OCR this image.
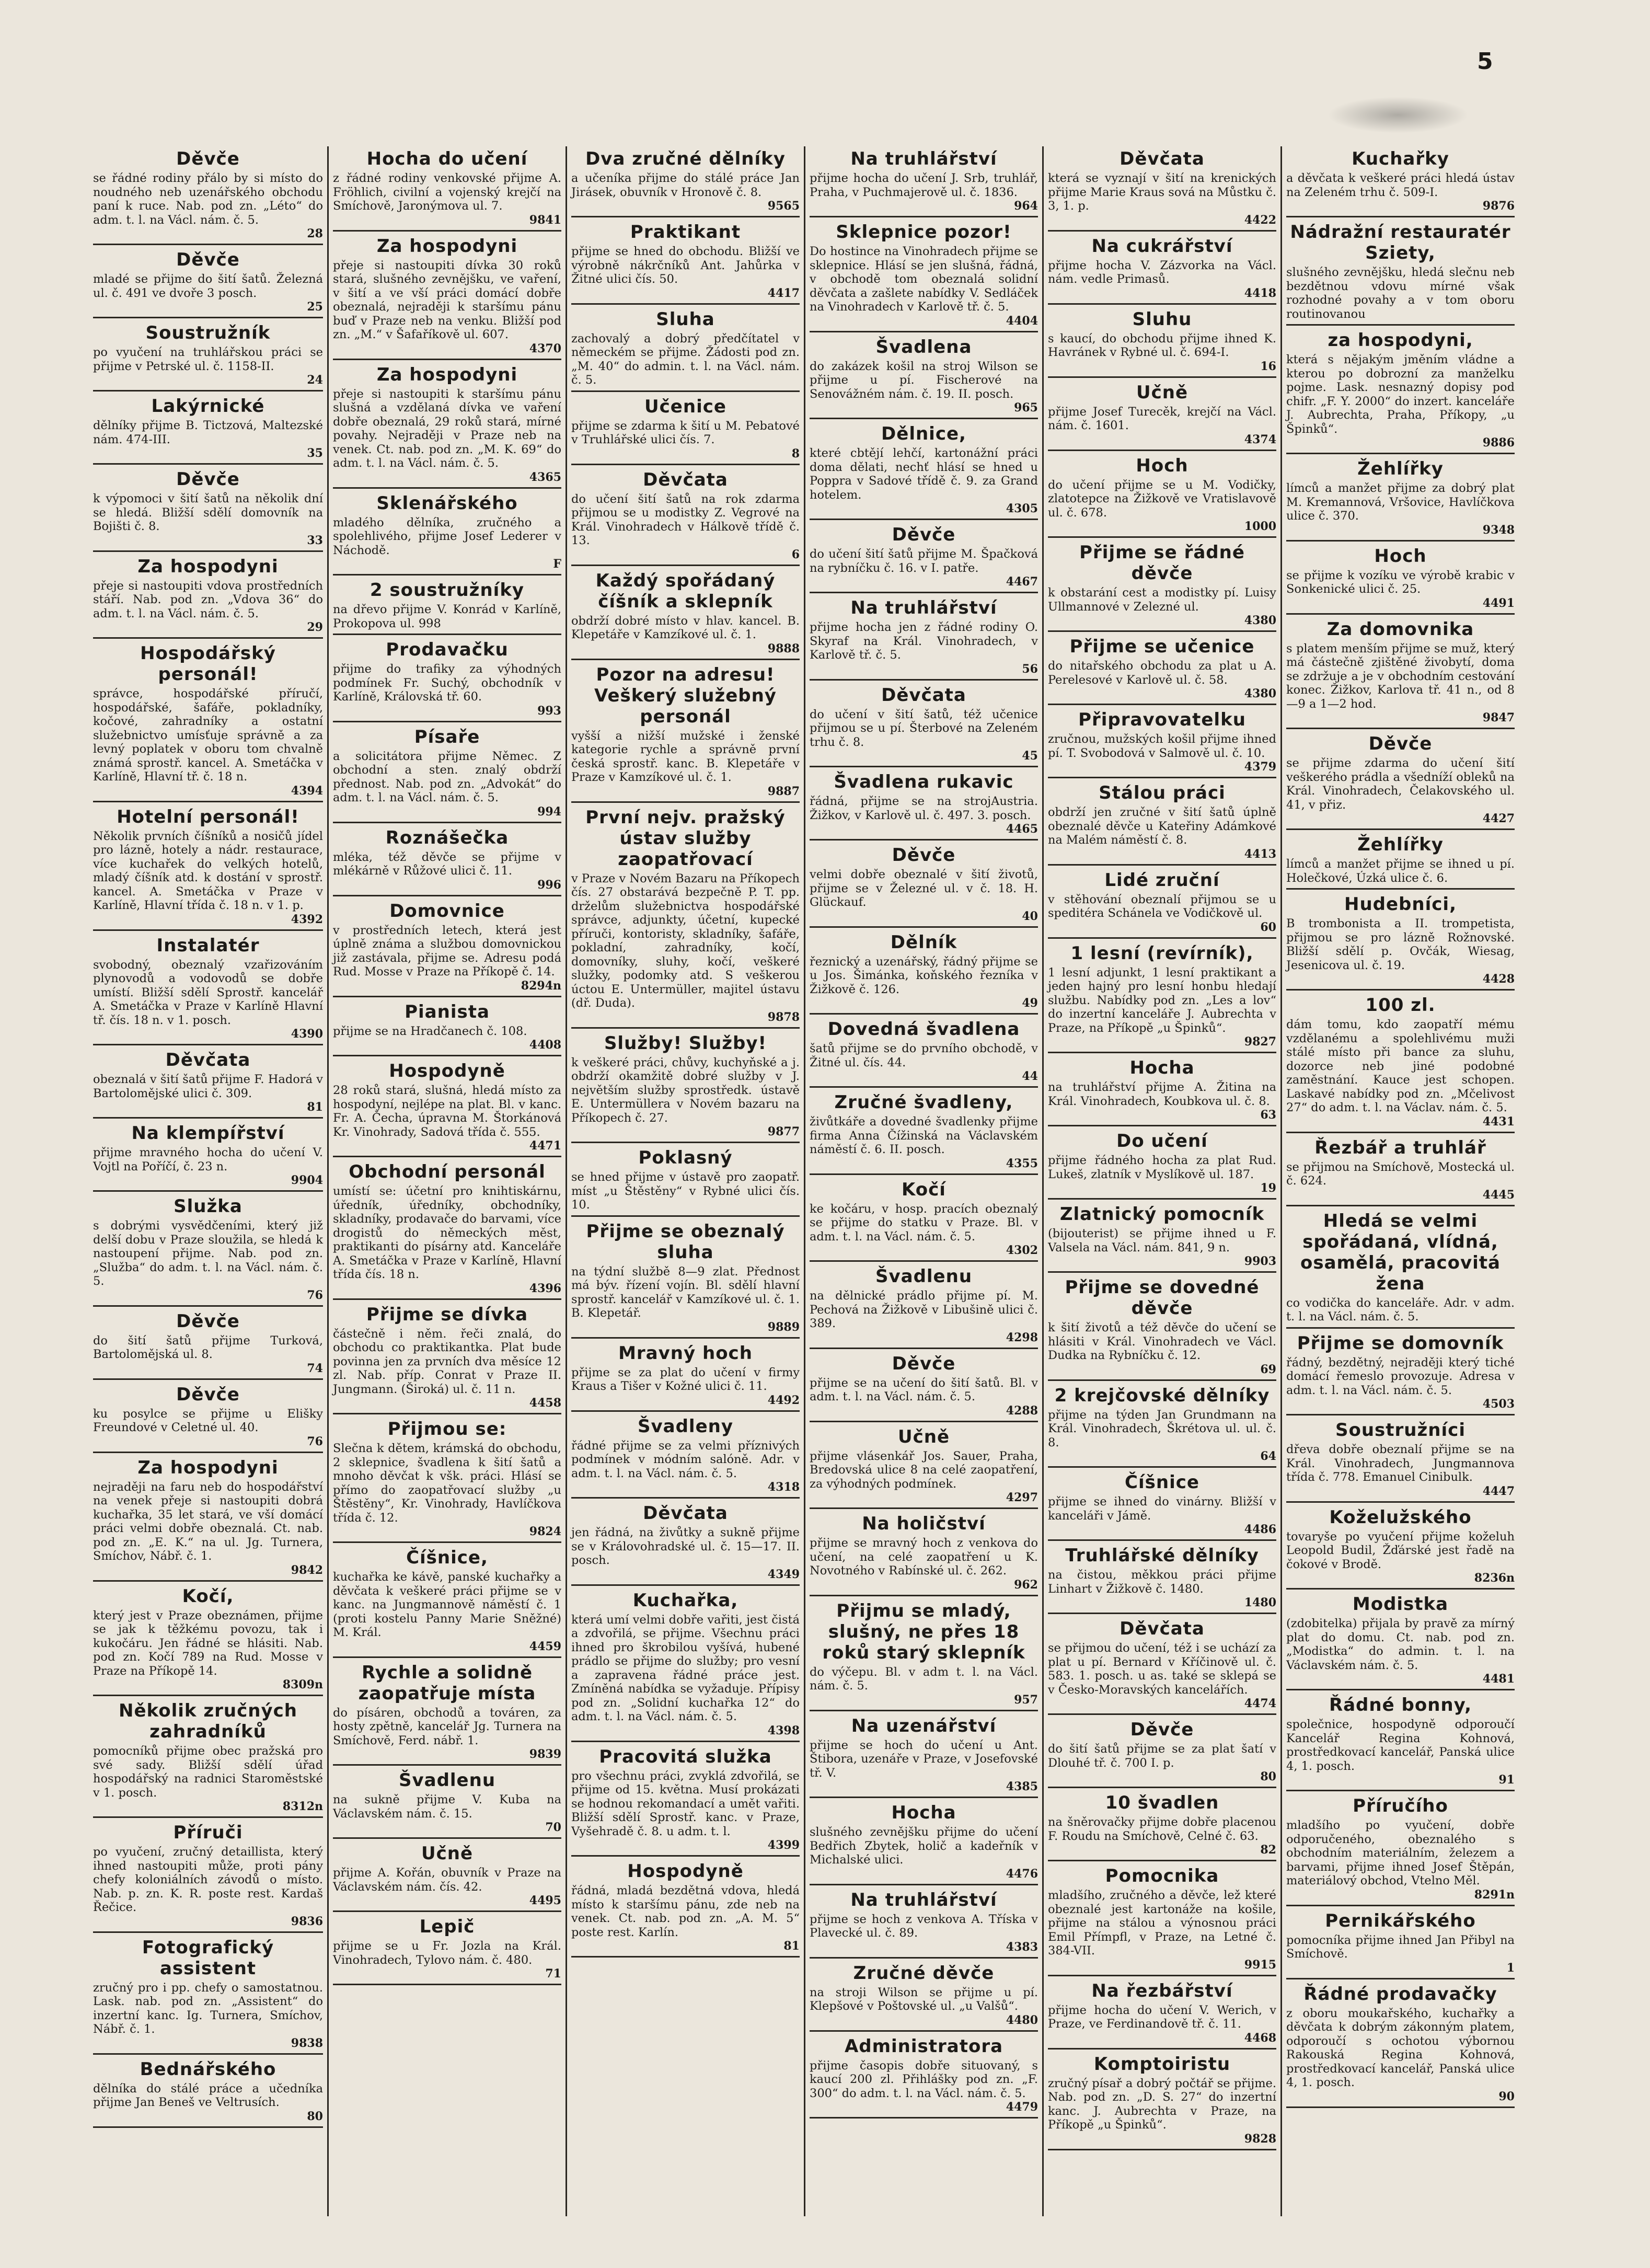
5
Děvče

se řádné rodiny přálo by si místo do noudného neb uzenářského obchodu paní k ruce. Nab. pod zn. „Léto“ do adm. t. l. na Václ. nám. č. 5.

28
Děvče

mladé se přijme do šití šatů. Železná ul. č. 491 ve dvoře 3 posch.

25
Soustružník

po vyučení na truhlářskou práci se přijme v Petrské ul. č. 1158-II.

24
Lakýrnické

dělníky přijme B. Tictzová, Maltezské nám. 474-III.

35
Děvče

k výpomoci v šití šatů na několik dní se hledá. Bližší sdělí domovník na Bojišti č. 8.

33
Za hospodyni

přeje si nastoupiti vdova prostředních stáří. Nab. pod zn. „Vdova 36“ do adm. t. l. na Václ. nám. č. 5.

29
Hospodářský personál!

správce, hospodářské příručí, hospodářské, šafáře, pokladníky, kočové, zahradníky a ostatní služebnictvo umísťuje správně a za levný poplatek v oboru tom chvalně známá sprostř. kancel. A. Smetáčka v Karlíně, Hlavní tř. č. 18 n.

4394
Hotelní personál!

Několik prvních číšníků a nosičů jídel pro lázně, hotely a nádr. restaurace, více kuchařek do velkých hotelů, mladý číšník atd. k dostání v sprostř. kancel. A. Smetáčka v Praze v Karlíně, Hlavní třída č. 18 n. v 1. p.

4392
Instalatér

svobodný, obeznalý vzařizováním plynovodů a vodovodů se dobře umístí. Bližší sdělí Sprostř. kancelář A. Smetáčka v Praze v Karlíně Hlavní tř. čís. 18 n. v 1. posch.

4390
Děvčata

obeznalá v šití šatů přijme F. Hadorá v Bartolomějské ulici č. 309.

81
Na klempířství

přijme mravného hocha do učení V. Vojtl na Poříčí, č. 23 n.

9904
Služka

s dobrými vysvědčeními, který již delší dobu v Praze sloužila, se hledá k nastoupení přijme. Nab. pod zn. „Služba“ do adm. t. l. na Václ. nám. č. 5.

76
Děvče

do šití šatů přijme Turková, Bartolomějská ul. 8.

74
Děvče

ku posylce se přijme u Elišky Freundové v Celetné ul. 40.

76
Za hospodyni

nejraději na faru neb do hospodářství na venek přeje si nastoupiti dobrá kuchařka, 35 let stará, ve vší domácí práci velmi dobře obeznalá. Ct. nab. pod zn. „E. K.“ na ul. Jg. Turnera, Smíchov, Nábř. č. 1.

9842
Kočí,

který jest v Praze obeznámen, přijme se jak k těžkému povozu, tak i kukočáru. Jen řádné se hlásiti. Nab. pod zn. Kočí 789 na Rud. Mosse v Praze na Příkopě 14.

8309n
Několik zručných zahradníků

pomocníků přijme obec pražská pro své sady. Bližší sdělí úřad hospodářský na radnici Staroměstské v 1. posch.

8312n
Příruči

po vyučení, zručný detaillista, který ihned nastoupiti může, proti pány chefy koloniálních závodů o místo. Nab. p. zn. K. R. poste rest. Kardaš Řečice.

9836
Fotografický assistent

zručný pro i pp. chefy o samostatnou. Lask. nab. pod zn. „Assistent“ do inzertní kanc. Ig. Turnera, Smíchov, Nábř. č. 1.

9838
Bednářského

dělníka do stálé práce a učedníka přijme Jan Beneš ve Veltrusích.

80
Hocha do učení

z řádné rodiny venkovské přijme A. Fröhlich, civilní a vojenský krejčí na Smíchově, Jaronýmova ul. 7.

9841
Za hospodyni

přeje si nastoupiti dívka 30 roků stará, slušného zevnějšku, ve vaření, v šití a ve vší práci domácí dobře obeznalá, nejraději k staršímu pánu buď v Praze neb na venku. Bližší pod zn. „M.“ v Šafaříkově ul. 607.

4370
Za hospodyni

přeje si nastoupiti k staršímu pánu slušná a vzdělaná dívka ve vaření dobře obeznalá, 29 roků stará, mírné povahy. Nejraději v Praze neb na venek. Ct. nab. pod zn. „M. K. 69“ do adm. t. l. na Václ. nám. č. 5.

4365
Sklenářského

mladého dělníka, zručného a spolehlivého, přijme Josef Lederer v Náchodě.

F
2 soustružníky

na dřevo přijme V. Konrád v Karlíně, Prokopova ul. 998

Prodavačku

přijme do trafiky za výhodných podmínek Fr. Suchý, obchodník v Karlíně, Královská tř. 60.

993
Písaře

a solicitátora přijme Němec. Z obchodní a sten. znalý obdrží přednost. Nab. pod zn. „Advokát“ do adm. t. l. na Václ. nám. č. 5.

994
Roznášečka

mléka, též děvče se přijme v mlékárně v Růžové ulici č. 11.

996
Domovnice

v prostředních letech, která jest úplně známa a službou domovnickou již zastávala, přijme se. Adresu podá Rud. Mosse v Praze na Příkopě č. 14.

8294n
Pianista

přijme se na Hradčanech č. 108.

4408
Hospodyně

28 roků stará, slušná, hledá místo za hospodyní, nejlépe na plat. Bl. v kanc. Fr. A. Čecha, úpravna M. Štorkánová Kr. Vinohrady, Sadová třída č. 555.

4471
Obchodní personál

umístí se: účetní pro knihtiskárnu, úředník, úředníky, obchodníky, skladníky, prodavače do barvami, více drogistů do německých měst, praktikanti do písárny atd. Kanceláře A. Smetáčka v Praze v Karlíně, Hlavní třída čís. 18 n.

4396
Přijme se dívka

částečně i něm. řeči znalá, do obchodu co praktikantka. Plat bude povinna jen za prvních dva měsíce 12 zl. Nab. příp. Conrat v Praze II. Jungmann. (Široká) ul. č. 11 n.

4458
Přijmou se:

Slečna k dětem, krámská do obchodu, 2 sklepnice, švadlena k šití šatů a mnoho děvčat k všk. práci. Hlásí se přímo do zaopatřovací služby „u Štěstěny“, Kr. Vinohrady, Havlíčkova třída č. 12.

9824
Číšnice,

kuchařka ke kávě, panské kuchařky a děvčata k veškeré práci přijme se v kanc. na Jungmannově náměstí č. 1 (proti kostelu Panny Marie Sněžné) M. Král.

4459
Rychle a solidně zaopatřuje místa

do písáren, obchodů a továren, za hosty zpětně, kancelář Jg. Turnera na Smíchově, Ferd. nábř. 1.

9839
Švadlenu

na sukně přijme V. Kuba na Václavském nám. č. 15.

70
Učně

přijme A. Kořán, obuvník v Praze na Václavském nám. čís. 42.

4495
Lepič

přijme se u Fr. Jozla na Král. Vinohradech, Tylovo nám. č. 480.

71
Dva zručné dělníky

a učeníka přijme do stálé práce Jan Jirásek, obuvník v Hronově č. 8.

9565
Praktikant

přijme se hned do obchodu. Bližší ve výrobně nákrčníků Ant. Jahůrka v Žitné ulici čís. 50.

4417
Sluha

zachovalý a dobrý předčítatel v německém se přijme. Žádosti pod zn. „M. 40“ do admin. t. l. na Václ. nám. č. 5.

Učenice

přijme se zdarma k šití u M. Pebatové v Truhlářské ulici čís. 7.

8
Děvčata

do učení šití šatů na rok zdarma přijmou se u modistky Z. Vegrové na Král. Vinohradech v Hálkově třídě č. 13.

6
Každý spořádaný číšník a sklepník

obdrží dobré místo v hlav. kancel. B. Klepetáře v Kamzíkové ul. č. 1.

9888
Pozor na adresu! Veškerý služebný personál

vyšší a nižší mužské i ženské kategorie rychle a správně první česká sprostř. kanc. B. Klepetáře v Praze v Kamzíkové ul. č. 1.

9887
První nejv. pražský ústav služby zaopatřovací

v Praze v Novém Bazaru na Příkopech čís. 27 obstarává bezpečně P. T. pp. drželům služebnictva hospodářské správce, adjunkty, účetní, kupecké příruči, kontoristy, skladníky, šafáře, pokladní, zahradníky, kočí, domovníky, sluhy, kočí, veškeré služky, podomky atd. S veškerou úctou E. Untermüller, majitel ústavu (dř. Duda).

9878
Služby! Služby!

k veškeré práci, chůvy, kuchyňské a j. obdrží okamžitě dobré služby v J. největším služby sprostředk. ústavě E. Untermüllera v Novém bazaru na Příkopech č. 27.

9877
Poklasný

se hned přijme v ústavě pro zaopatř. míst „u Štěstěny“ v Rybné ulici čís. 10.

Přijme se obeznalý sluha

na týdní službě 8—9 zlat. Přednost má býv. řízení vojín. Bl. sdělí hlavní sprostř. kancelář v Kamzíkové ul. č. 1. B. Klepetář.

9889
Mravný hoch

přijme se za plat do učení v firmy Kraus a Tišer v Kožné ulici č. 11.

4492
Švadleny

řádné přijme se za velmi příznivých podmínek v módním salóně. Adr. v adm. t. l. na Václ. nám. č. 5.

4318
Děvčata

jen řádná, na živůtky a sukně přijme se v Královohradské ul. č. 15—17. II. posch.

4349
Kuchařka,

která umí velmi dobře vařiti, jest čistá a zdvořilá, se přijme. Všechnu práci ihned pro škrobilou vyšívá, hubené prádlo se přijme do služby; pro vesní a zapravena řádné práce jest. Zmíněná nabídka se vyžaduje. Přípisy pod zn. „Solidní kuchařka 12“ do adm. t. l. na Václ. nám. č. 5.

4398
Pracovitá služka

pro všechnu práci, zvyklá zdvořilá, se přijme od 15. května. Musí prokázati se hodnou rekomandací a umět vařiti. Bližší sdělí Sprostř. kanc. v Praze, Vyšehradě č. 8. u adm. t. l.

4399
Hospodyně

řádná, mladá bezdětná vdova, hledá místo k staršímu pánu, zde neb na venek. Ct. nab. pod zn. „A. M. 5“ poste rest. Karlín.

81
Na truhlářství

přijme hocha do učení J. Srb, truhlář, Praha, v Puchmajerově ul. č. 1836.

964
Sklepnice pozor!

Do hostince na Vinohradech přijme se sklepnice. Hlásí se jen slušná, řádná, v obchodě tom obeznalá solidní děvčata a zašlete nabídky V. Sedláček na Vinohradech v Karlově tř. č. 5.

4404
Švadlena

do zakázek košil na stroj Wilson se přijme u pí. Fischerové na Senovážném nám. č. 19. II. posch.

965
Dělnice,

které cbtějí lehčí, kartonážní práci doma dělati, nechť hlásí se hned u Poppra v Sadové třídě č. 9. za Grand hotelem.

4305
Děvče

do učení šití šatů přijme M. Špačková na rybníčku č. 16. v I. patře.

4467
Na truhlářství

přijme hocha jen z řádné rodiny O. Skyraf na Král. Vinohradech, v Karlově tř. č. 5.

56
Děvčata

do učení v šití šatů, též učenice přijmou se u pí. Šterbové na Zeleném trhu č. 8.

45
Švadlena rukavic

řádná, přijme se na strojAustria. Žižkov, v Karlově ul. č. 497. 3. posch.

4465
Děvče

velmi dobře obeznalé v šití životů, přijme se v Železné ul. v č. 18. H. Glückauf.

40
Dělník

řeznický a uzenářský, řádný přijme se u Jos. Šimánka, koňského řezníka v Žižkově č. 126.

49
Dovedná švadlena

šatů přijme se do prvního obchodě, v Žitné ul. čís. 44.

44
Zručné švadleny,

živůtkáře a dovedné švadlenky přijme firma Anna Čížinská na Václavském náměstí č. 6. II. posch.

4355
Kočí

ke kočáru, v hosp. pracích obeznalý se přijme do statku v Praze. Bl. v adm. t. l. na Václ. nám. č. 5.

4302
Švadlenu

na dělnické prádlo přijme pí. M. Pechová na Žižkově v Libušině ulici č. 389.

4298
Děvče

přijme se na učení do šití šatů. Bl. v adm. t. l. na Václ. nám. č. 5.

4288
Učně

přijme vlásenkář Jos. Sauer, Praha, Bredovská ulice 8 na celé zaopatření, za výhodných podmínek.

4297
Na holičství

přijme se mravný hoch z venkova do učení, na celé zaopatření u K. Novotného v Rabínské ul. č. 262.

962
Přijmu se mladý, slušný, ne přes 18 roků starý sklepník

do výčepu. Bl. v adm t. l. na Václ. nám. č. 5.

957
Na uzenářství

přijme se hoch do učení u Ant. Štibora, uzenáře v Praze, v Josefovské tř. V.

4385
Hocha

slušného zevnějšku přijme do učení Bedřich Zbytek, holič a kadeřník v Michalské ulici.

4476
Na truhlářství

přijme se hoch z venkova A. Tříska v Plavecké ul. č. 89.

4383
Zručné děvče

na stroji Wilson se přijme u pí. Klepšové v Poštovské ul. „u Valšů“.

4480
Administratora

přijme časopis dobře situovaný, s kaucí 200 zl. Přihlášky pod zn. „F. 300“ do adm. t. l. na Václ. nám. č. 5.

4479
Děvčata

která se vyznají v šití na krenických přijme Marie Kraus sová na Můstku č. 3, 1. p.

4422
Na cukrářství

přijme hocha V. Zázvorka na Václ. nám. vedle Primasů.

4418
Sluhu

s kaucí, do obchodu přijme ihned K. Havránek v Rybné ul. č. 694-I.

16
Učně

přijme Josef Turecěk, krejčí na Václ. nám. č. 1601.

4374
Hoch

do učení přijme se u M. Vodičky, zlatotepce na Žižkově ve Vratislavově ul. č. 678.

1000
Přijme se řádné děvče

k obstarání cest a modistky pí. Luisy Ullmannové v Zelezné ul.

4380
Přijme se učenice

do nitařského obchodu za plat u A. Perelesové v Karlově ul. č. 58.

4380
Připravovatelku

zručnou, mužských košil přijme ihned pí. T. Svobodová v Salmově ul. č. 10.

4379
Stálou práci

obdrží jen zručné v šití šatů úplně obeznalé děvče u Kateřiny Adámkové na Malém náměstí č. 8.

4413
Lidé zruční

v stěhování obeznalí přijmou se u speditéra Schánela ve Vodičkově ul.

60
1 lesní (revírník),

1 lesní adjunkt, 1 lesní praktikant a jeden hajný pro lesní honbu hledají službu. Nabídky pod zn. „Les a lov“ do inzertní kanceláře J. Aubrechta v Praze, na Příkopě „u Špinků“.

9827
Hocha

na truhlářství přijme A. Žitina na Král. Vinohradech, Koubkova ul. č. 8.

63
Do učení

přijme řádného hocha za plat Rud. Lukeš, zlatník v Myslíkově ul. 187.

19
Zlatnický pomocník

(bijouterist) se přijme ihned u F. Valsela na Václ. nám. 841, 9 n.

9903
Přijme se dovedné děvče

k šití životů a též děvče do učení se hlásiti v Král. Vinohradech ve Václ. Dudka na Rybníčku č. 12.

69
2 krejčovské dělníky

přijme na týden Jan Grundmann na Král. Vinohradech, Škrétova ul. ul. č. 8.

64
Číšnice

přijme se ihned do vinárny. Bližší v kanceláři v Jámě.

4486
Truhlářské dělníky

na čistou, měkkou práci přijme Linhart v Žižkově č. 1480.

1480
Děvčata

se přijmou do učení, též i se uchází za plat u pí. Bernard v Kříčinově ul. č. 583. 1. posch. u as. také se sklepá se v Česko-Moravských kancelářích.

4474
Děvče

do šití šatů přijme se za plat šatí v Dlouhé tř. č. 700 I. p.

80
10 švadlen

na šněrovačky přijme dobře placenou F. Roudu na Smíchově, Celné č. 63.

82
Pomocnika

mladšího, zručného a děvče, lež které obeznalé jest kartonáže na košile, přijme na stálou a výnosnou práci Emil Přímpfl, v Praze, na Letné č. 384-VII.

9915
Na řezbářství

přijme hocha do učení V. Werich, v Praze, ve Ferdinandově tř. č. 11.

4468
Komptoiristu

zručný písař a dobrý počtář se přijme. Nab. pod zn. „D. S. 27“ do inzertní kanc. J. Aubrechta v Praze, na Příkopě „u Špinků“.

9828
Kuchařky

a děvčata k veškeré práci hledá ústav na Zeleném trhu č. 509-I.

9876
Nádražní restauratér Sziety,

slušného zevnějšku, hledá slečnu neb bezdětnou vdovu mírné však rozhodné povahy a v tom oboru routinovanou

za hospodyni,

která s nějakým jměním vládne a kterou po dobrozní za manželku pojme. Lask. nesnazný dopisy pod chifr. „F. Y. 2000“ do inzert. kanceláře J. Aubrechta, Praha, Příkopy, „u Špinků“.

9886
Žehlířky

límců a manžet přijme za dobrý plat M. Kremannová, Vršovice, Havlíčkova ulice č. 370.

9348
Hoch

se přijme k vozíku ve výrobě krabic v Sonkenické ulici č. 25.

4491
Za domovnika

s platem menším přijme se muž, který má částečně zjištěné živobytí, doma se zdržuje a je v obchodním cestování konec. Žižkov, Karlova tř. 41 n., od 8—9 a 1—2 hod.

9847
Děvče

se přijme zdarma do učení šití veškerého prádla a všedníží obleků na Král. Vinohradech, Čelakovského ul. 41, v přiz.

4427
Žehlířky

límců a manžet přijme se ihned u pí. Holečkové, Úzká ulice č. 6.

Hudebníci,

B trombonista a II. trompetista, přijmou se pro lázně Rožnovské. Bližší sdělí p. Ovčák, Wiesag, Jesenicova ul. č. 19.

4428
100 zl.

dám tomu, kdo zaopatří mému vzdělanému a spolehlivému muži stálé místo při bance za sluhu, dozorce neb jiné podobné zaměstnání. Kauce jest schopen. Laskavé nabídky pod zn. „Mčelivost 27“ do adm. t. l. na Václav. nám. č. 5.

4431
Řezbář a truhlář

se přijmou na Smíchově, Mostecká ul. č. 624.

4445
Hledá se velmi spořádaná, vlídná, osamělá, pracovitá žena

co vodička do kanceláře. Adr. v adm. t. l. na Václ. nám. č. 5.

Přijme se domovník

řádný, bezdětný, nejraději který tiché domácí řemeslo provozuje. Adresa v adm. t. l. na Václ. nám. č. 5.

4503
Soustružníci

dřeva dobře obeznalí přijme se na Král. Vinohradech, Jungmannova třída č. 778. Emanuel Cinibulk.

4447
Koželužského

tovaryše po vyučení přijme koželuh Leopold Budil, Žďárské jest řadě na čokové v Brodě.

8236n
Modistka

(zdobitelka) přijala by pravě za mírný plat do domu. Ct. nab. pod zn. „Modistka“ do admin. t. l. na Václavském nám. č. 5.

4481
Řádné bonny,

společnice, hospodyně odporoučí Kancelář Regina Kohnová, prostředkovací kancelář, Panská ulice 4, 1. posch.

91
Příručího

mladšího po vyučení, dobře odporučeného, obeznalého s obchodním materiálním, železem a barvami, přijme ihned Josef Štěpán, materiálový obchod, Vtelno Měl.

8291n
Pernikářského

pomocníka přijme ihned Jan Přibyl na Smíchově.

1
Řádné prodavačky

z oboru moukařského, kuchařky a děvčata k dobrým zákonným platem, odporoučí s ochotou výbornou Rakouská Regina Kohnová, prostředkovací kancelář, Panská ulice 4, 1. posch.

90
